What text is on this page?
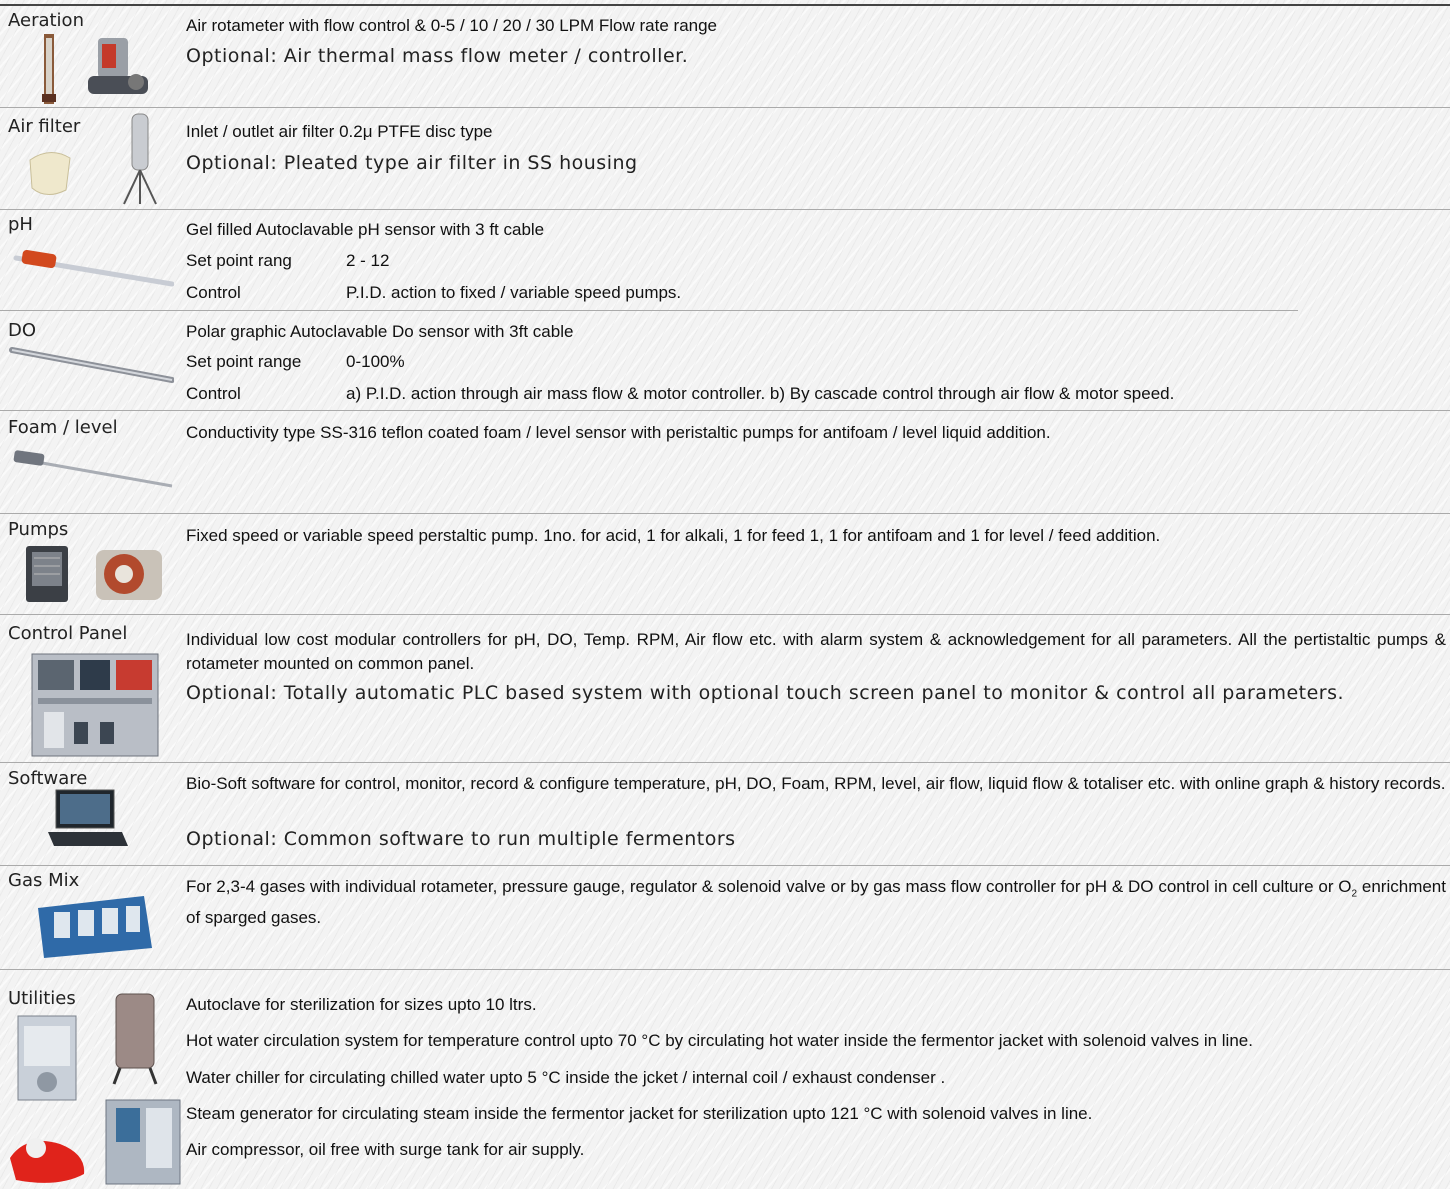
Aeration	Air rotameter with flow control & 0-5 / 10 / 20 / 30 LPM Flow rate range
Optional: Air thermal mass flow meter / controller.
Air filter	Inlet / outlet air filter 0.2μ PTFE disc type
Optional: Pleated type air filter in SS housing
pH	Gel filled Autoclavable pH sensor with 3 ft cable
Set point rang	2 - 12
Control	P.I.D. action to fixed / variable speed pumps.
DO	Polar graphic Autoclavable Do sensor with 3ft cable
Set point range	0-100%
Control	a) P.I.D. action through air mass flow & motor controller. b) By cascade control through air flow & motor speed.
Foam / level	Conductivity type SS-316 teflon coated foam / level sensor with peristaltic pumps for antifoam / level liquid addition.
Pumps	Fixed speed or variable speed perstaltic pump. 1no. for acid, 1 for alkali, 1 for feed 1, 1 for antifoam and 1 for level / feed addition.
Control Panel	Individual low cost modular controllers for pH, DO, Temp. RPM, Air flow etc. with alarm system & acknowledgement for all parameters. All the pertistaltic pumps & rotameter mounted on common panel.
Optional: Totally automatic PLC based system with optional touch screen panel to monitor & control all parameters.
Software	Bio-Soft software for control, monitor, record & configure temperature, pH, DO, Foam, RPM, level, air flow, liquid flow & totaliser etc. with online graph & history records.
Optional: Common software to run multiple fermentors
Gas Mix	For 2,3-4 gases with individual rotameter, pressure gauge, regulator & solenoid valve or by gas mass flow controller for pH & DO control in cell culture or $O_2$ enrichment of sparged gases.
Utilities	Autoclave for sterilization for sizes upto 10 ltrs.
Hot water circulation system for temperature control upto 70 °C by circulating hot water inside the fermentor jacket with solenoid valves in line.
Water chiller for circulating chilled water upto 5 °C inside the jcket / internal coil / exhaust condenser .
Steam generator for circulating steam inside the fermentor jacket for sterilization upto 121 °C with solenoid valves in line.
Air compressor, oil free with surge tank for air supply.
